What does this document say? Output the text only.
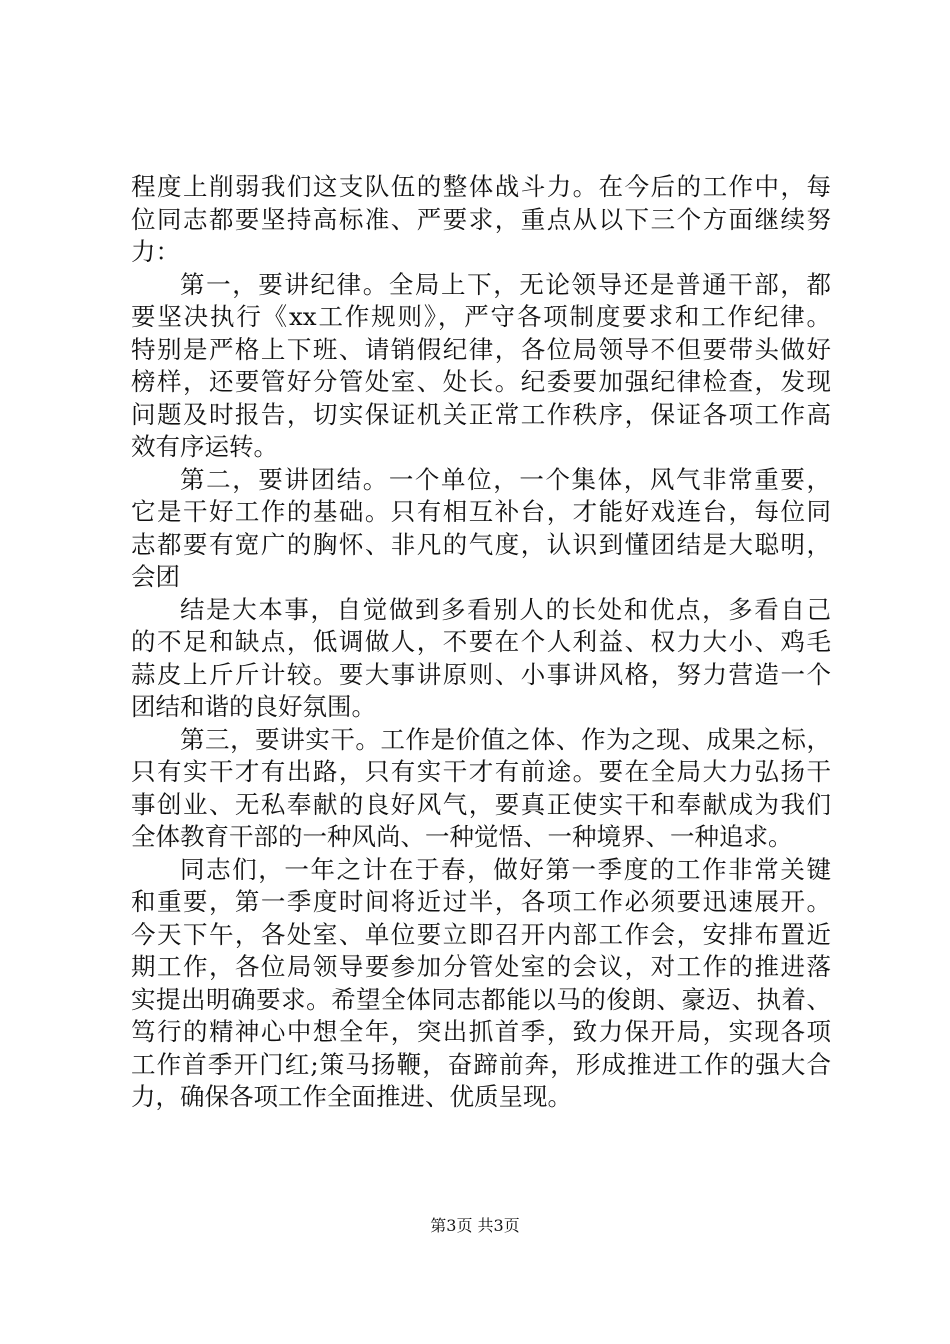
程度上削弱我们这支队伍的整体战斗力。在今后的工作中，每
位同志都要坚持高标准、严要求，重点从以下三个方面继续努
力：
第一，要讲纪律。全局上下，无论领导还是普通干部，都
要坚决执行《xx工作规则》，严守各项制度要求和工作纪律。
特别是严格上下班、请销假纪律，各位局领导不但要带头做好
榜样，还要管好分管处室、处长。纪委要加强纪律检查，发现
问题及时报告，切实保证机关正常工作秩序，保证各项工作高
效有序运转。
第二，要讲团结。一个单位，一个集体，风气非常重要，
它是干好工作的基础。只有相互补台，才能好戏连台，每位同
志都要有宽广的胸怀、非凡的气度，认识到懂团结是大聪明，
会团
结是大本事，自觉做到多看别人的长处和优点，多看自己
的不足和缺点，低调做人，不要在个人利益、权力大小、鸡毛
蒜皮上斤斤计较。要大事讲原则、小事讲风格，努力营造一个
团结和谐的良好氛围。
第三，要讲实干。工作是价值之体、作为之现、成果之标，
只有实干才有出路，只有实干才有前途。要在全局大力弘扬干
事创业、无私奉献的良好风气，要真正使实干和奉献成为我们
全体教育干部的一种风尚、一种觉悟、一种境界、一种追求。
同志们，一年之计在于春，做好第一季度的工作非常关键
和重要，第一季度时间将近过半，各项工作必须要迅速展开。
今天下午，各处室、单位要立即召开内部工作会，安排布置近
期工作，各位局领导要参加分管处室的会议，对工作的推进落
实提出明确要求。希望全体同志都能以马的俊朗、豪迈、执着、
笃行的精神心中想全年，突出抓首季，致力保开局，实现各项
工作首季开门红;策马扬鞭，奋蹄前奔，形成推进工作的强大合
力，确保各项工作全面推进、优质呈现。
第3页 共3页
